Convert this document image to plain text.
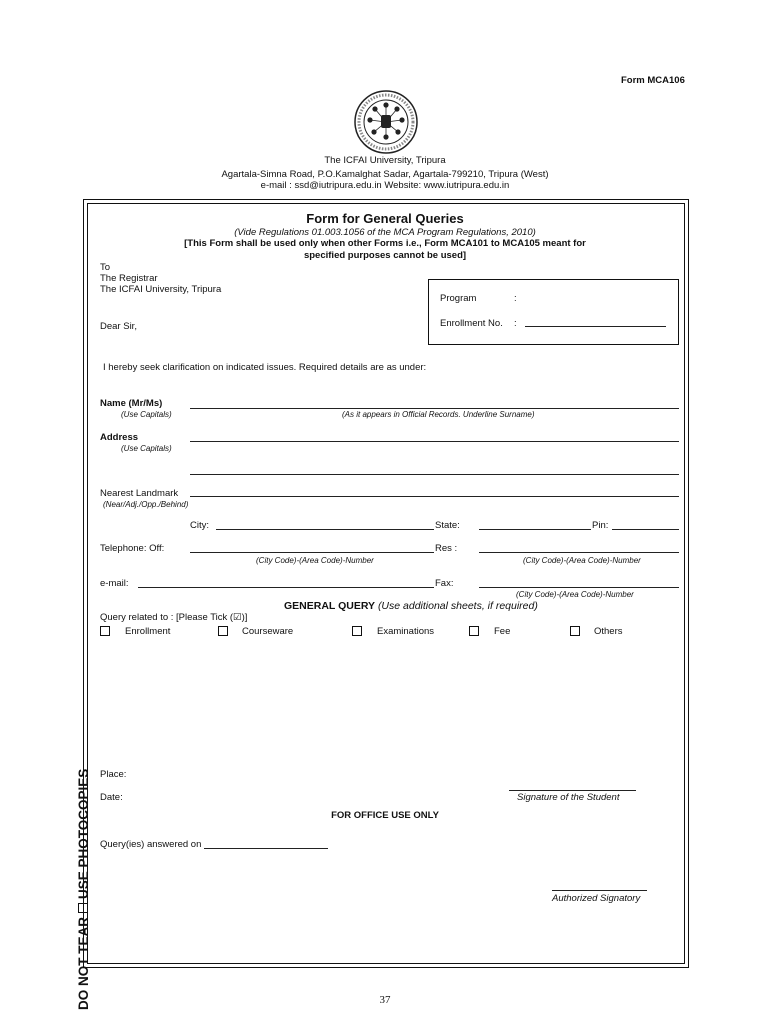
Form MCA106
The ICFAI University, Tripura
Agartala-Simna Road, P.O.Kamalghat Sadar, Agartala-799210, Tripura (West)
e-mail : ssd@iutripura.edu.in Website: www.iutripura.edu.in
DO NOT TEARUSE PHOTOCOPIES
Form for General Queries
(Vide Regulations 01.003.1056 of the MCA Program Regulations, 2010)
[This Form shall be used only when other Forms i.e., Form MCA101 to MCA105 meant for
specified purposes cannot be used]
To
The Registrar
The ICFAI University, Tripura
Program	:
Enrollment No. :
Dear Sir,
I hereby seek clarification on indicated issues. Required details are as under:
Name (Mr/Ms)
(Use Capitals)	(As it appears in Official Records. Underline Surname)
Address
(Use Capitals)
Nearest Landmark
(Near/Adj./Opp./Behind)
City:	State:	Pin:
Telephone: Off:	Res :
(City Code)-(Area Code)-Number	(City Code)-(Area Code)-Number
e-mail:	Fax:
(City Code)-(Area Code)-Number
GENERAL QUERY (Use additional sheets, if required)
Query related to : [Please Tick (☑)]
Enrollment	Courseware	Examinations	Fee	Others
Place:
Date:	Signature of the Student
FOR OFFICE USE ONLY
Query(ies) answered on
Authorized Signatory
37
